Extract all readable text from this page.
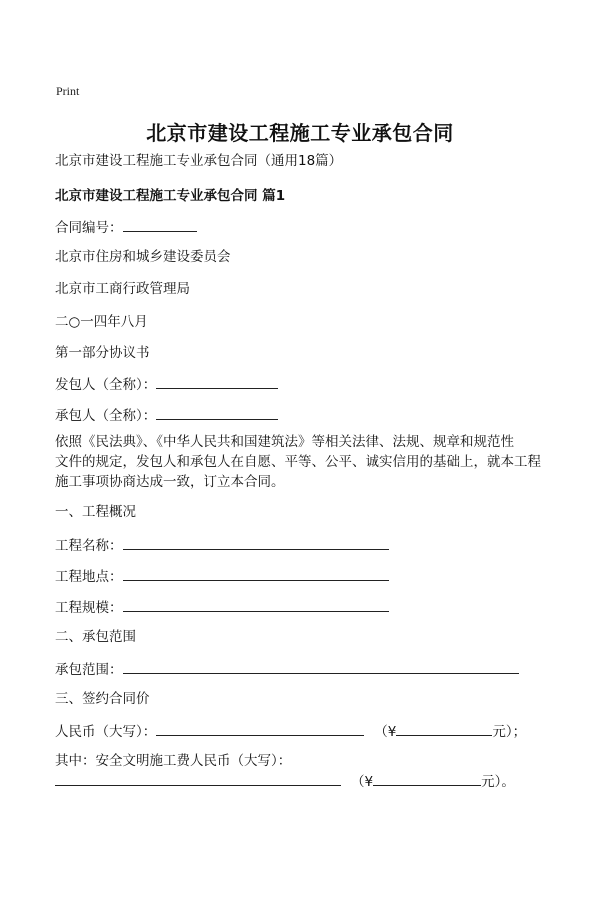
Print
北京市建设工程施工专业承包合同
北京市建设工程施工专业承包合同（通用18篇）
北京市建设工程施工专业承包合同 篇1
合同编号：
北京市住房和城乡建设委员会
北京市工商行政管理局
二○一四年八月
第一部分协议书
发包人（全称）：
承包人（全称）：

依照《民法典》、《中华人民共和国建筑法》等相关法律、法规、规章和规范性

文件的规定，发包人和承包人在自愿、平等、公平、诚实信用的基础上，就本工程

施工事项协商达成一致，订立本合同。

一、工程概况
工程名称：
工程地点：
工程规模：
二、承包范围
承包范围：
三、签约合同价
人民币（大写）：	（¥	元）；
其中：安全文明施工费人民币（大写）：
（¥	元）。
